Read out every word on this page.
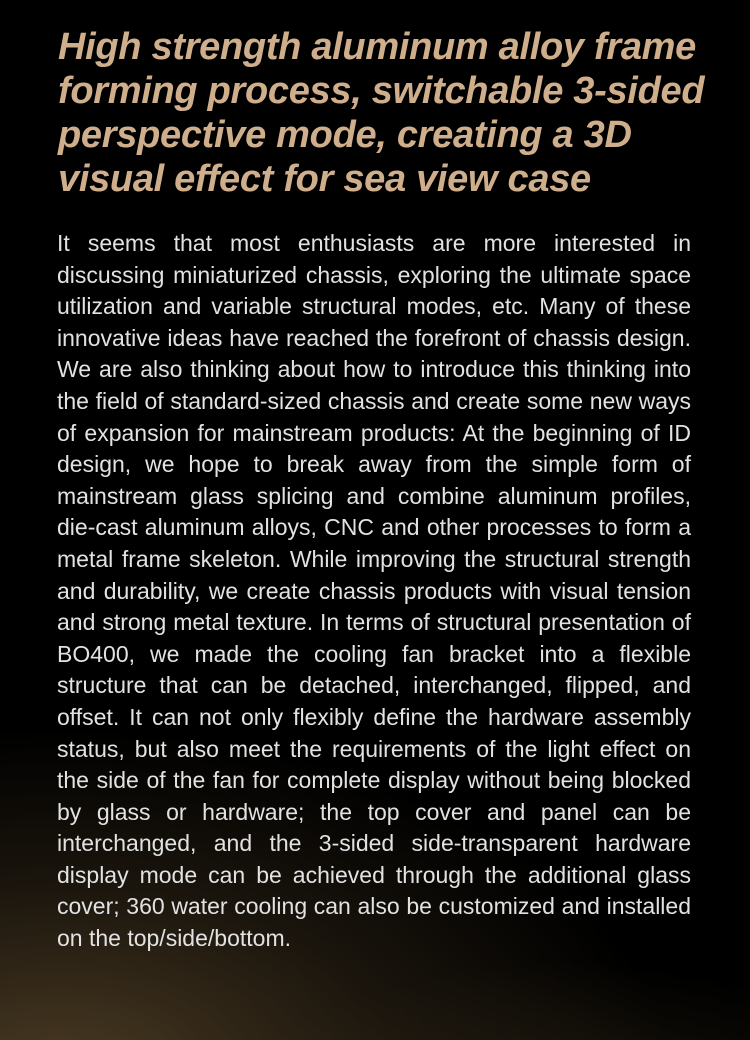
High strength aluminum alloy frame
forming process, switchable 3-sided
perspective mode, creating a 3D
visual effect for sea view case

It seems that most enthusiasts are more interested in discussing miniaturized chassis, exploring the ultimate space utilization and variable structural modes, etc. Many of these innovative ideas have reached the forefront of chassis design. We are also thinking about how to introduce this thinking into the field of standard-sized chassis and create some new ways of expansion for mainstream products: At the beginning of ID design, we hope to break away from the simple form of mainstream glass splicing and combine aluminum profiles, die-cast aluminum alloys, CNC and other processes to form a metal frame skeleton. While improving the structural strength and durability, we create chassis products with visual tension and strong metal texture. In terms of structural presentation of BO400, we made the cooling fan bracket into a flexible structure that can be detached, interchanged, flipped, and offset. It can not only flexibly define the hardware assembly status, but also meet the requirements of the light effect on the side of the fan for complete display without being blocked by glass or hardware; the top cover and panel can be interchanged, and the 3-sided side-transparent hardware display mode can be achieved through the additional glass cover; 360 water cooling can also be customized and installed on the top/side/bottom.
